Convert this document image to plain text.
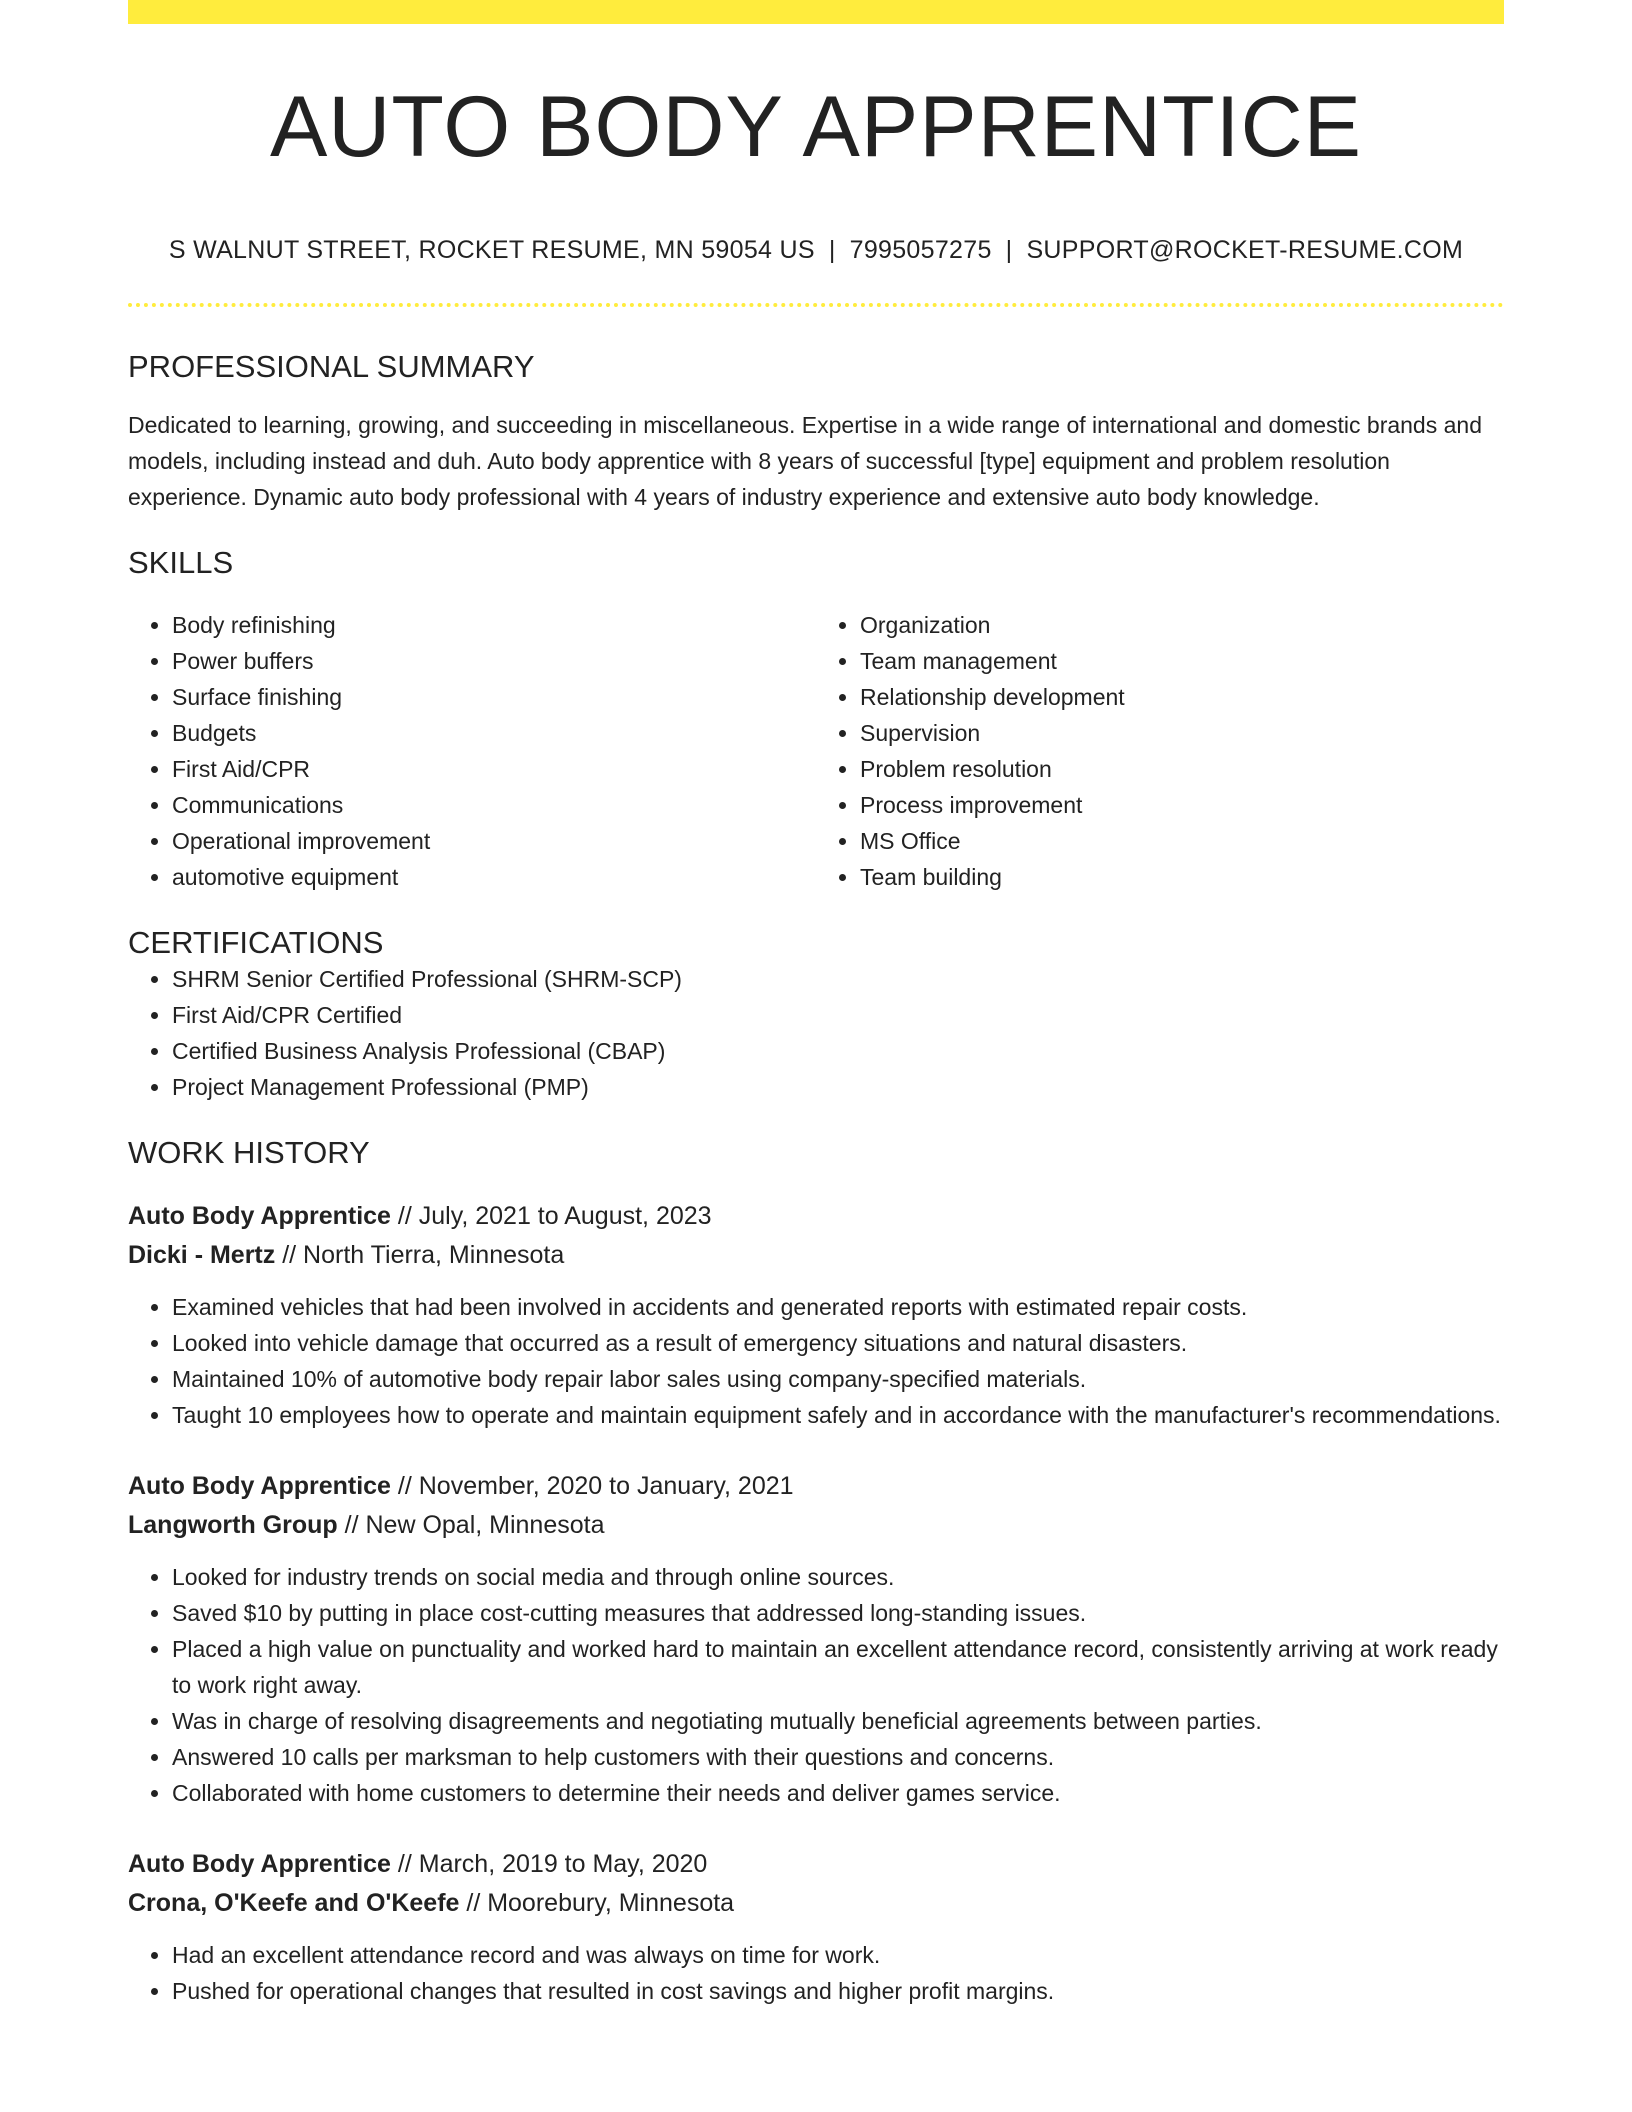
AUTO BODY APPRENTICE
S WALNUT STREET, ROCKET RESUME, MN 59054 US | 7995057275 | SUPPORT@ROCKET-RESUME.COM
PROFESSIONAL SUMMARY

Dedicated to learning, growing, and succeeding in miscellaneous. Expertise in a wide range of international and domestic brands and models, including instead and duh. Auto body apprentice with 8 years of successful [type] equipment and problem resolution experience. Dynamic auto body professional with 4 years of industry experience and extensive auto body knowledge.

SKILLS
• Body refinishing
• Power buffers
• Surface finishing
• Budgets
• First Aid/CPR
• Communications
• Operational improvement
• automotive equipment
• Organization
• Team management
• Relationship development
• Supervision
• Problem resolution
• Process improvement
• MS Office
• Team building
CERTIFICATIONS
• SHRM Senior Certified Professional (SHRM-SCP)
• First Aid/CPR Certified
• Certified Business Analysis Professional (CBAP)
• Project Management Professional (PMP)
WORK HISTORY
Auto Body Apprentice // July, 2021 to August, 2023
Dicki - Mertz // North Tierra, Minnesota
• Examined vehicles that had been involved in accidents and generated reports with estimated repair costs.
• Looked into vehicle damage that occurred as a result of emergency situations and natural disasters.
• Maintained 10% of automotive body repair labor sales using company-specified materials.
• Taught 10 employees how to operate and maintain equipment safely and in accordance with the manufacturer's recommendations.
Auto Body Apprentice // November, 2020 to January, 2021
Langworth Group // New Opal, Minnesota
• Looked for industry trends on social media and through online sources.
• Saved $10 by putting in place cost-cutting measures that addressed long-standing issues.
• Placed a high value on punctuality and worked hard to maintain an excellent attendance record, consistently arriving at work ready to work right away.
• Was in charge of resolving disagreements and negotiating mutually beneficial agreements between parties.
• Answered 10 calls per marksman to help customers with their questions and concerns.
• Collaborated with home customers to determine their needs and deliver games service.
Auto Body Apprentice // March, 2019 to May, 2020
Crona, O'Keefe and O'Keefe // Moorebury, Minnesota
• Had an excellent attendance record and was always on time for work.
• Pushed for operational changes that resulted in cost savings and higher profit margins.
